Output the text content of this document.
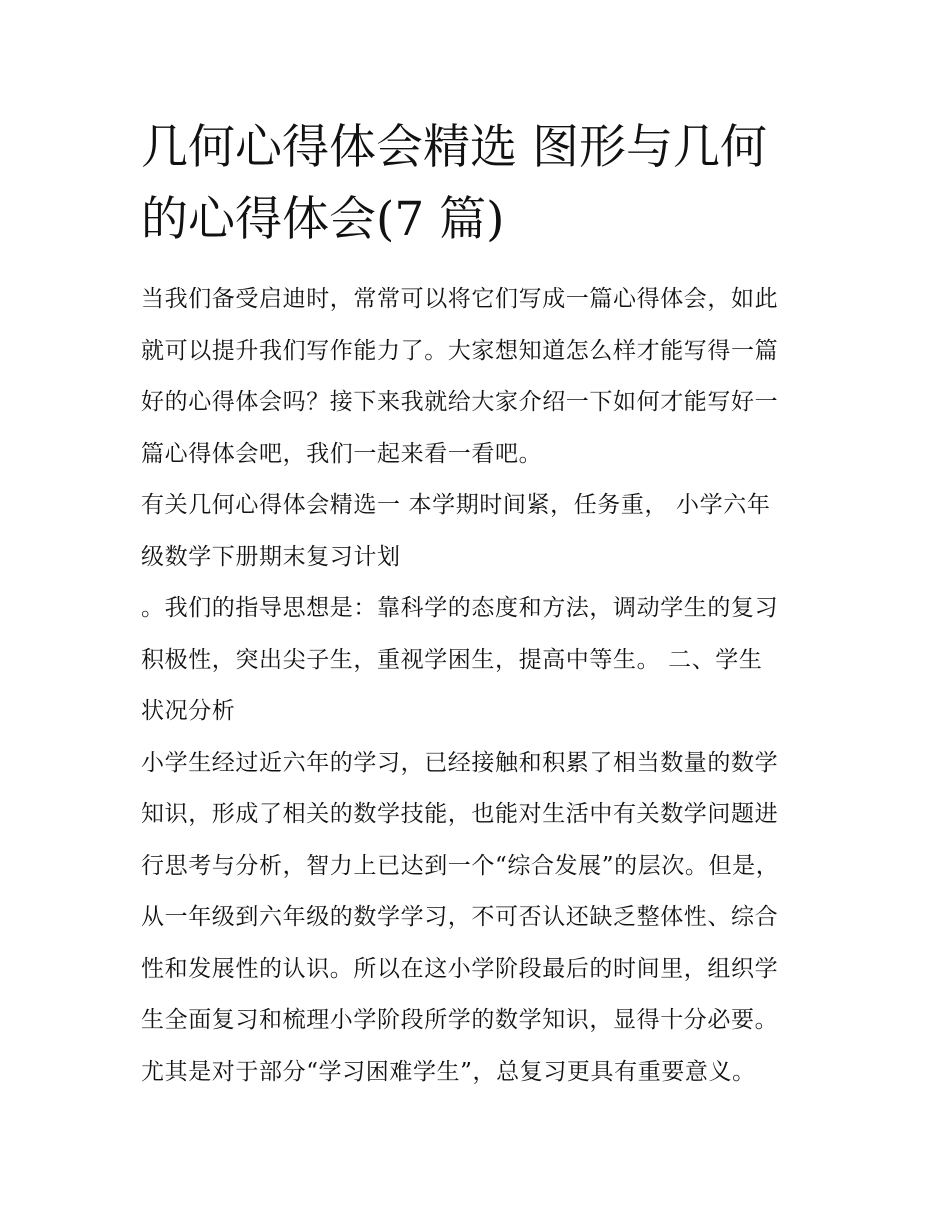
几何心得体会精选 图形与几何
的心得体会(7 篇)

当我们备受启迪时，常常可以将它们写成一篇心得体会，如此
就可以提升我们写作能力了。大家想知道怎么样才能写得一篇
好的心得体会吗？接下来我就给大家介绍一下如何才能写好一
篇心得体会吧，我们一起来看一看吧。

有关几何心得体会精选一 本学期时间紧，任务重， 小学六年
级数学下册期末复习计划

。我们的指导思想是：靠科学的态度和方法，调动学生的复习
积极性，突出尖子生，重视学困生，提高中等生。 二、学生
状况分析

小学生经过近六年的学习，已经接触和积累了相当数量的数学
知识，形成了相关的数学技能，也能对生活中有关数学问题进
行思考与分析，智力上已达到一个“综合发展”的层次。但是，
从一年级到六年级的数学学习，不可否认还缺乏整体性、综合
性和发展性的认识。所以在这小学阶段最后的时间里，组织学
生全面复习和梳理小学阶段所学的数学知识，显得十分必要。
尤其是对于部分“学习困难学生”，总复习更具有重要意义。
